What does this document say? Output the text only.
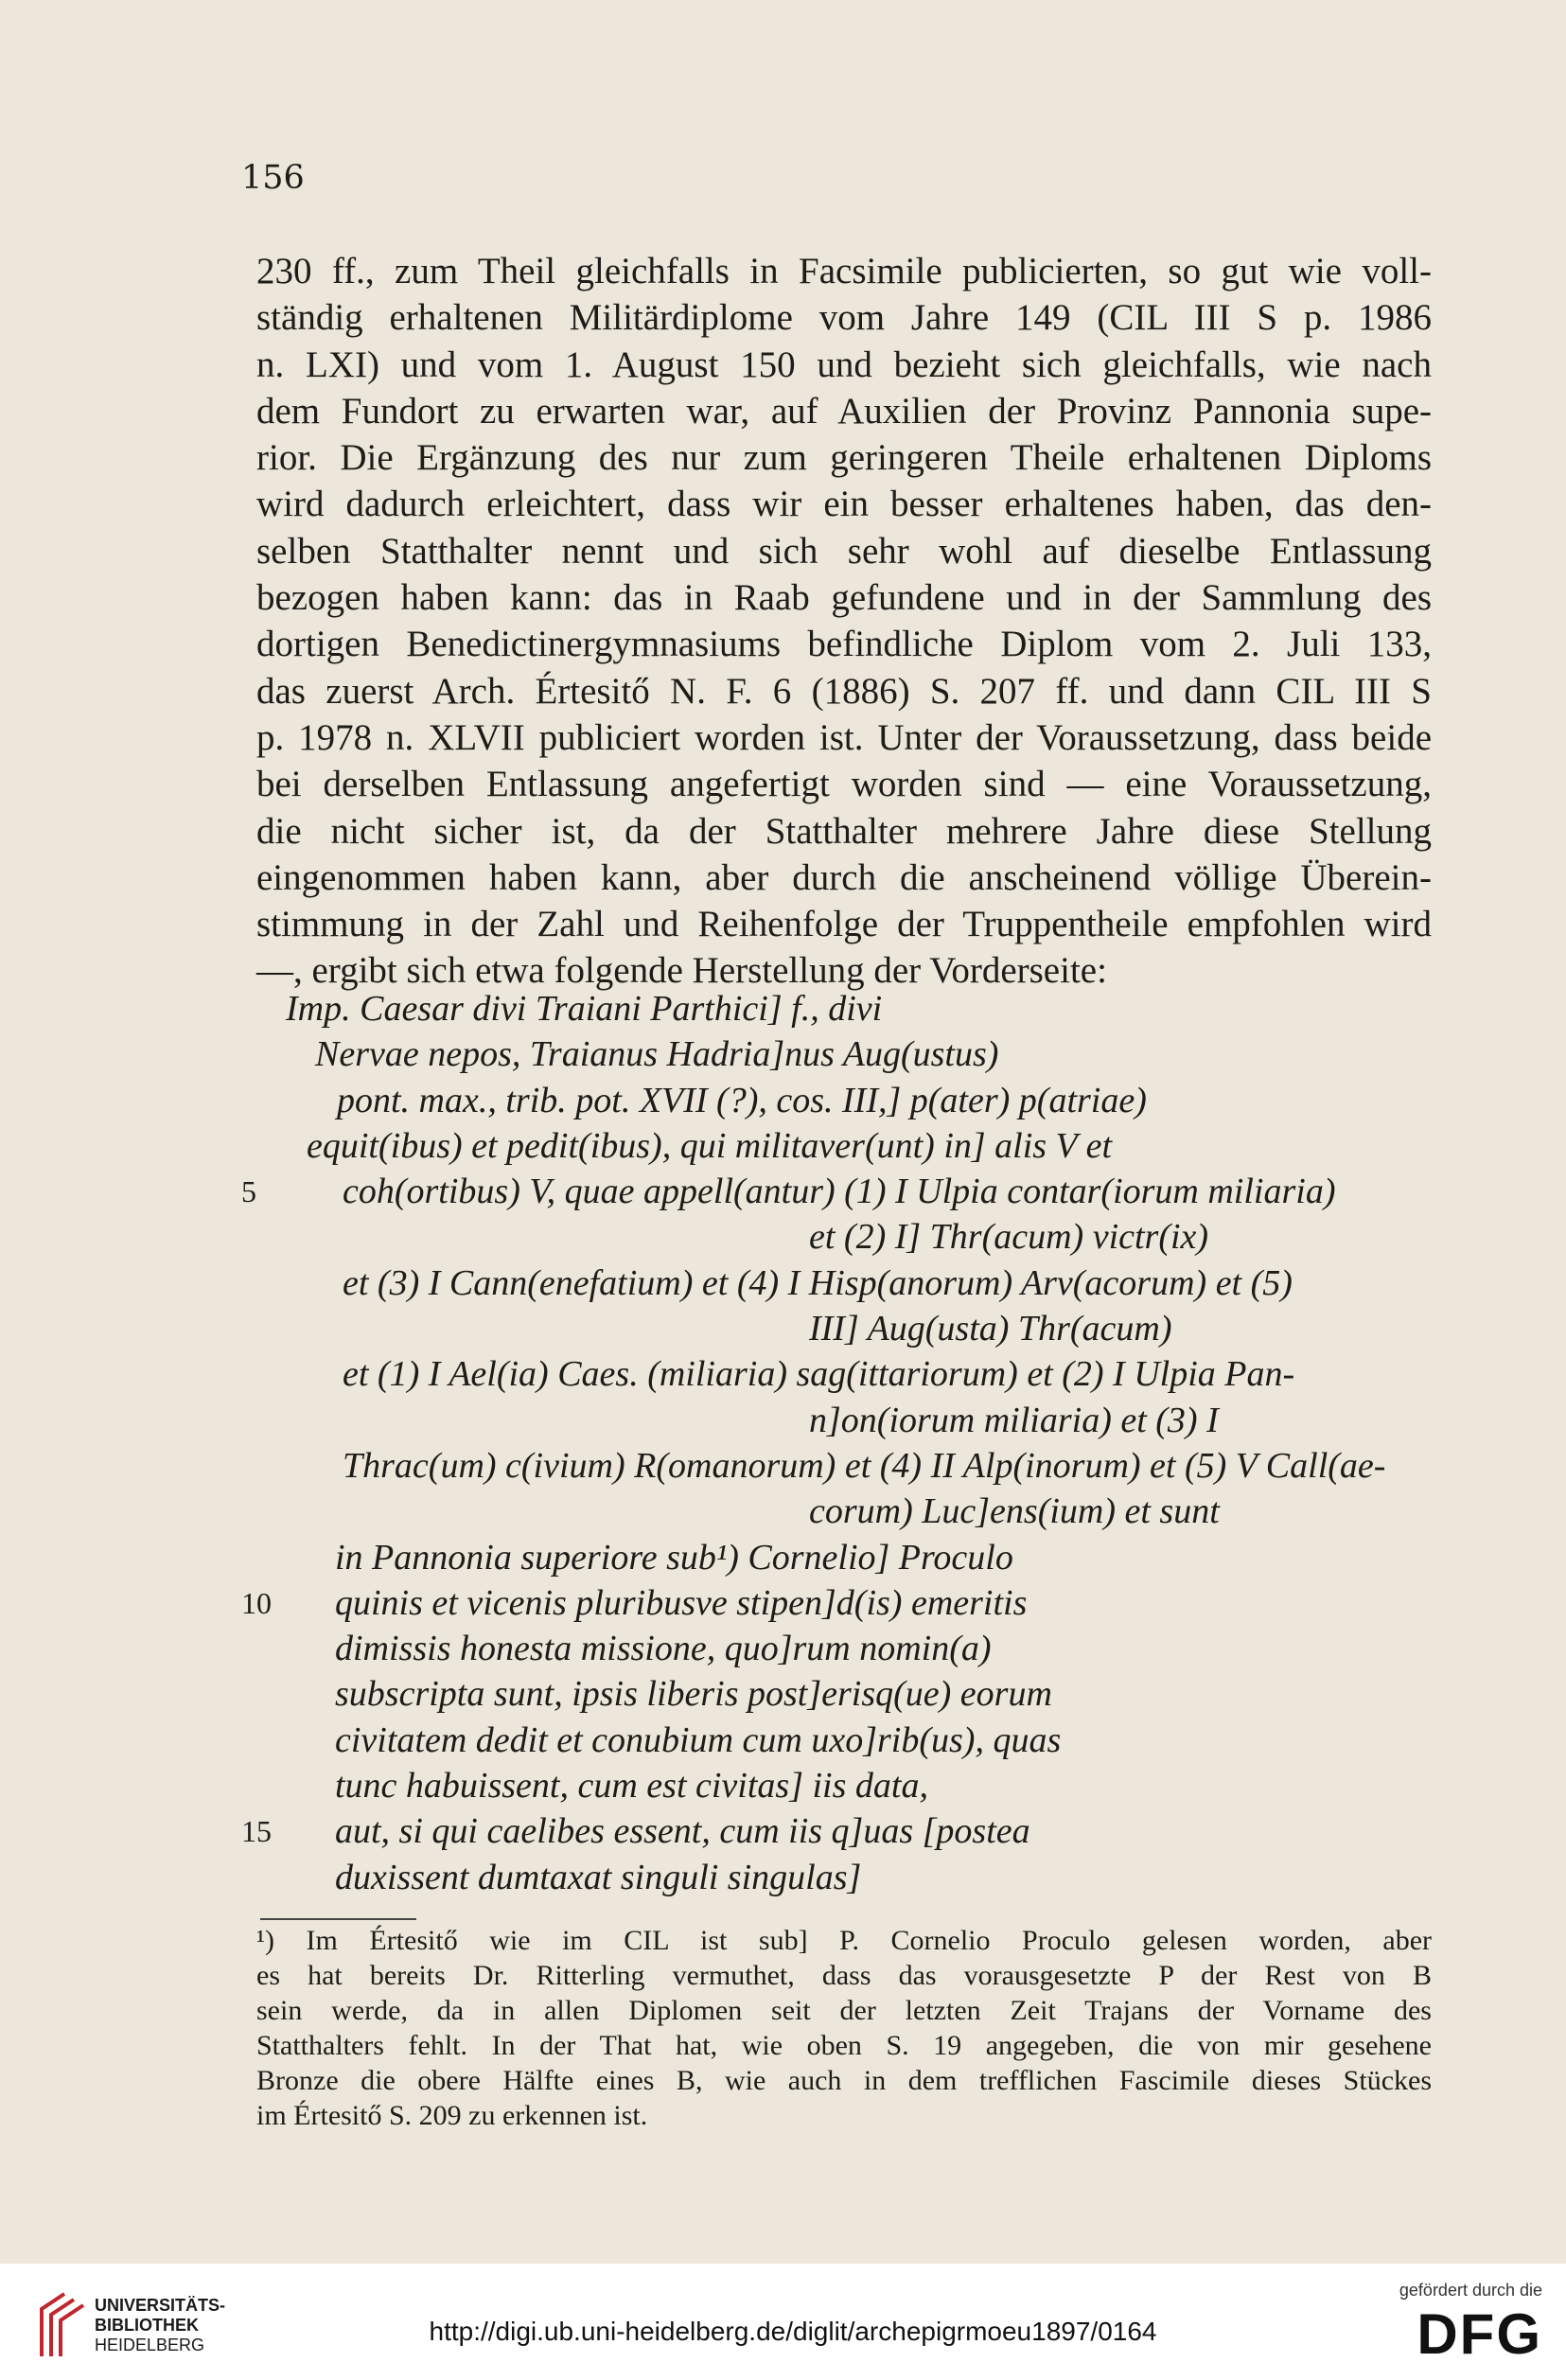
156
230 ff., zum Theil gleichfalls in Facsimile publicierten, so gut wie voll-
ständig erhaltenen Militärdiplome vom Jahre 149 (CIL III S p. 1986
n. LXI) und vom 1. August 150 und bezieht sich gleichfalls, wie nach
dem Fundort zu erwarten war, auf Auxilien der Provinz Pannonia supe-
rior. Die Ergänzung des nur zum geringeren Theile erhaltenen Diploms
wird dadurch erleichtert, dass wir ein besser erhaltenes haben, das den-
selben Statthalter nennt und sich sehr wohl auf dieselbe Entlassung
bezogen haben kann: das in Raab gefundene und in der Sammlung des
dortigen Benedictinergymnasiums befindliche Diplom vom 2. Juli 133,
das zuerst Arch. Értesitő N. F. 6 (1886) S. 207 ff. und dann CIL III S
p. 1978 n. XLVII publiciert worden ist. Unter der Voraussetzung, dass beide
bei derselben Entlassung angefertigt worden sind — eine Voraussetzung,
die nicht sicher ist, da der Statthalter mehrere Jahre diese Stellung
eingenommen haben kann, aber durch die anscheinend völlige Überein-
stimmung in der Zahl und Reihenfolge der Truppentheile empfohlen wird
—, ergibt sich etwa folgende Herstellung der Vorderseite:
Imp. Caesar divi Traiani Parthici] f., divi
Nervae nepos, Traianus Hadria]nus Aug(ustus)
pont. max., trib. pot. XVII (?), cos. III,] p(ater) p(atriae)
equit(ibus) et pedit(ibus), qui militaver(unt) in] alis V et
5 coh(ortibus) V, quae appell(antur) (1) I Ulpia contar(iorum miliaria)
et (2) I] Thr(acum) victr(ix)
et (3) I Cann(enefatium) et (4) I Hisp(anorum) Arv(acorum) et (5)
III] Aug(usta) Thr(acum)
et (1) I Ael(ia) Caes. (miliaria) sag(ittariorum) et (2) I Ulpia Pan-
n]on(iorum miliaria) et (3) I
Thrac(um) c(ivium) R(omanorum) et (4) II Alp(inorum) et (5) V Call(ae-
corum) Luc]ens(ium) et sunt
in Pannonia superiore sub¹) Cornelio] Proculo
10 quinis et vicenis pluribusve stipen]d(is) emeritis
dimissis honesta missione, quo]rum nomin(a)
subscripta sunt, ipsis liberis post]erisq(ue) eorum
civitatem dedit et conubium cum uxo]rib(us), quas
tunc habuissent, cum est civitas] iis data,
15 aut, si qui caelibes essent, cum iis q]uas [postea
duxissent dumtaxat singuli singulas]
¹) Im Értesitő wie im CIL ist sub] P. Cornelio Proculo gelesen worden, aber
es hat bereits Dr. Ritterling vermuthet, dass das vorausgesetzte P der Rest von B
sein werde, da in allen Diplomen seit der letzten Zeit Trajans der Vorname des
Statthalters fehlt. In der That hat, wie oben S. 19 angegeben, die von mir gesehene
Bronze die obere Hälfte eines B, wie auch in dem trefflichen Fascimile dieses Stückes
im Értesitő S. 209 zu erkennen ist.
UNIVERSITÄTS-
BIBLIOTHEK
HEIDELBERG	http://digi.ub.uni-heidelberg.de/diglit/archepigrmoeu1897/0164
gefördert durch die
DFG
